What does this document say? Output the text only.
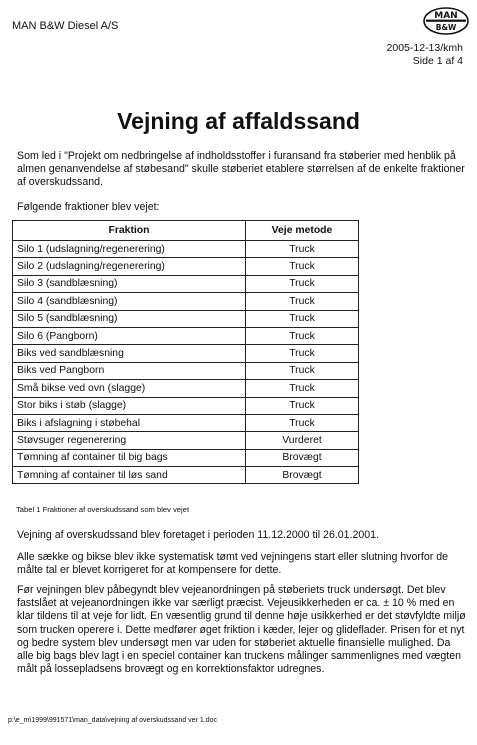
MAN B&W Diesel A/S
MAN
B&W
2005-12-13/kmh
Side 1 af 4
Vejning af affaldssand
Som led i "Projekt om nedbringelse af indholdsstoffer i furansand fra støberier med henblik på almen genanvendelse af støbesand" skulle støberiet etablere størrelsen af de enkelte fraktioner af overskudssand.
Følgende fraktioner blev vejet:
Fraktion	Veje metode
Silo 1 (udslagning/regenerering)	Truck
Silo 2 (udslagning/regenerering)	Truck
Silo 3 (sandblæsning)	Truck
Silo 4 (sandblæsning)	Truck
Silo 5 (sandblæsning)	Truck
Silo 6 (Pangborn)	Truck
Biks ved sandblæsning	Truck
Biks ved Pangborn	Truck
Små bikse ved ovn (slagge)	Truck
Stor biks i støb (slagge)	Truck
Biks i afslagning i støbehal	Truck
Støvsuger regenerering	Vurderet
Tømning af container til big bags	Brovægt
Tømning af container til løs sand	Brovægt
Tabel 1 Fraktioner af overskudssand som blev vejet
Vejning af overskudssand blev foretaget i perioden 11.12.2000 til 26.01.2001.
Alle sække og bikse blev ikke systematisk tømt ved vejningens start eller slutning hvorfor de målte tal er blevet korrigeret for at kompensere for dette.
Før vejningen blev påbegyndt blev vejeanordningen på støberiets truck undersøgt. Det blev fastslået at vejeanordningen ikke var særligt præcist. Vejeusikkerheden er ca. ± 10 % med en klar tildens til at veje for lidt. En væsentlig grund til denne høje usikkerhed er det støvfyldte miljø som trucken operere i. Dette medfører øget friktion i kæder, lejer og glideflader. Prisen for et nyt og bedre system blev undersøgt men var uden for støberiet aktuelle finansielle mulighed. Da alle big bags blev lagt i en speciel container kan truckens målinger sammenlignes med vægten målt på lossepladsens brovægt og en korrektionsfaktor udregnes.
p:\e_m\1999\991571\man_data\vejning af overskudssand ver 1.doc
